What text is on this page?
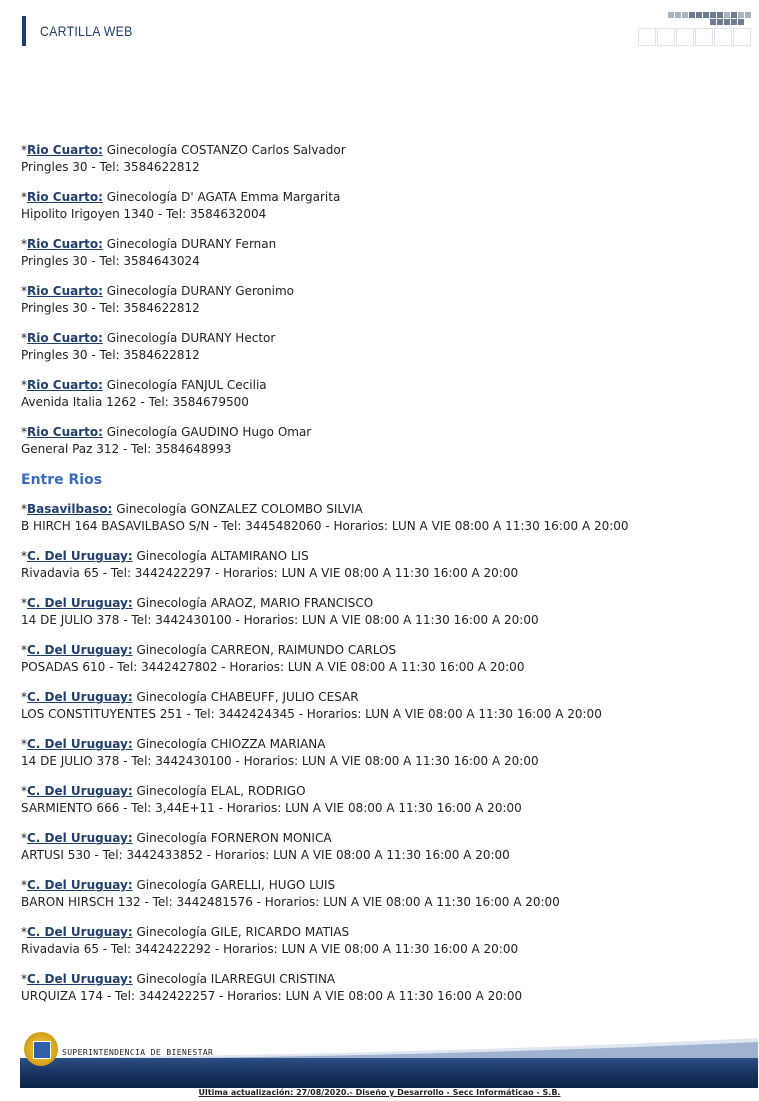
CARTILLA WEB
*Rio Cuarto: Ginecología COSTANZO Carlos Salvador
Pringles 30 - Tel: 3584622812
*Rio Cuarto: Ginecología D' AGATA Emma Margarita
Hipolito Irigoyen 1340 - Tel: 3584632004
*Rio Cuarto: Ginecología DURANY Fernan
Pringles 30 - Tel: 3584643024
*Rio Cuarto: Ginecología DURANY Geronimo
Pringles 30 - Tel: 3584622812
*Rio Cuarto: Ginecología DURANY Hector
Pringles 30 - Tel: 3584622812
*Rio Cuarto: Ginecología FANJUL Cecilia
Avenida Italia 1262 - Tel: 3584679500
*Rio Cuarto: Ginecología GAUDINO Hugo Omar
General Paz 312 - Tel: 3584648993
Entre Rios
*Basavilbaso: Ginecología GONZALEZ COLOMBO SILVIA
B HIRCH 164 BASAVILBASO S/N - Tel: 3445482060 - Horarios: LUN A VIE 08:00 A 11:30 16:00 A 20:00
*C. Del Uruguay: Ginecología ALTAMIRANO LIS
Rivadavia 65 - Tel: 3442422297 - Horarios: LUN A VIE 08:00 A 11:30 16:00 A 20:00
*C. Del Uruguay: Ginecología ARAOZ, MARIO FRANCISCO
14 DE JULIO 378 - Tel: 3442430100 - Horarios: LUN A VIE 08:00 A 11:30 16:00 A 20:00
*C. Del Uruguay: Ginecología CARREON, RAIMUNDO CARLOS
POSADAS 610 - Tel: 3442427802 - Horarios: LUN A VIE 08:00 A 11:30 16:00 A 20:00
*C. Del Uruguay: Ginecología CHABEUFF, JULIO CESAR
LOS CONSTITUYENTES 251 - Tel: 3442424345 - Horarios: LUN A VIE 08:00 A 11:30 16:00 A 20:00
*C. Del Uruguay: Ginecología CHIOZZA MARIANA
14 DE JULIO 378 - Tel: 3442430100 - Horarios: LUN A VIE 08:00 A 11:30 16:00 A 20:00
*C. Del Uruguay: Ginecología ELAL, RODRIGO
SARMIENTO 666 - Tel: 3,44E+11 - Horarios: LUN A VIE 08:00 A 11:30 16:00 A 20:00
*C. Del Uruguay: Ginecología FORNERON MONICA
ARTUSI 530 - Tel: 3442433852 - Horarios: LUN A VIE 08:00 A 11:30 16:00 A 20:00
*C. Del Uruguay: Ginecología GARELLI, HUGO LUIS
BARON HIRSCH 132 - Tel: 3442481576 - Horarios: LUN A VIE 08:00 A 11:30 16:00 A 20:00
*C. Del Uruguay: Ginecología GILE, RICARDO MATIAS
Rivadavia 65 - Tel: 3442422292 - Horarios: LUN A VIE 08:00 A 11:30 16:00 A 20:00
*C. Del Uruguay: Ginecología ILARREGUI CRISTINA
URQUIZA 174 - Tel: 3442422257 - Horarios: LUN A VIE 08:00 A 11:30 16:00 A 20:00
SUPERINTENDENCIA DE BIENESTAR
Ultima actualización: 27/08/2020.- Diseño y Desarrollo - Secc Informáticao - S.B.
